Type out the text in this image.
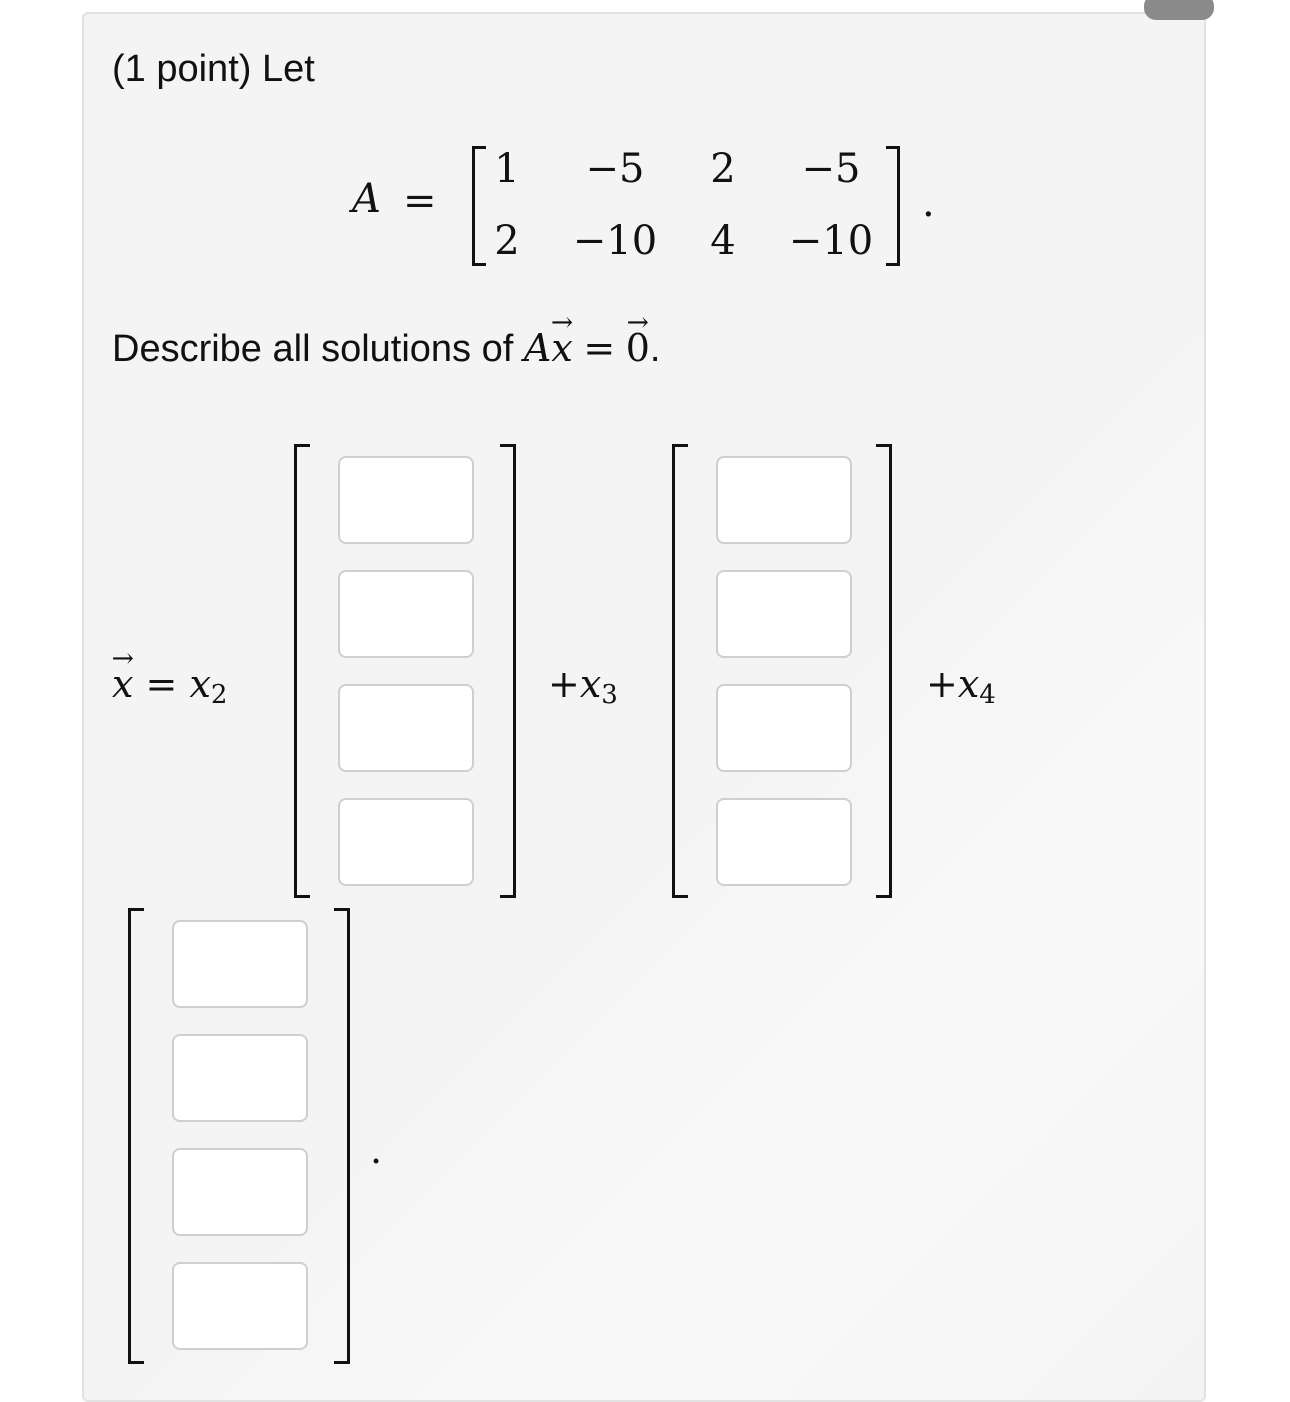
(1 point) Let
A =
1	−5	2	−5
2	−10	4	−10
.
Describe all solutions of A→ x = → 0.
→ $x = x_2$	$+x_3$	$+x_4$
.
